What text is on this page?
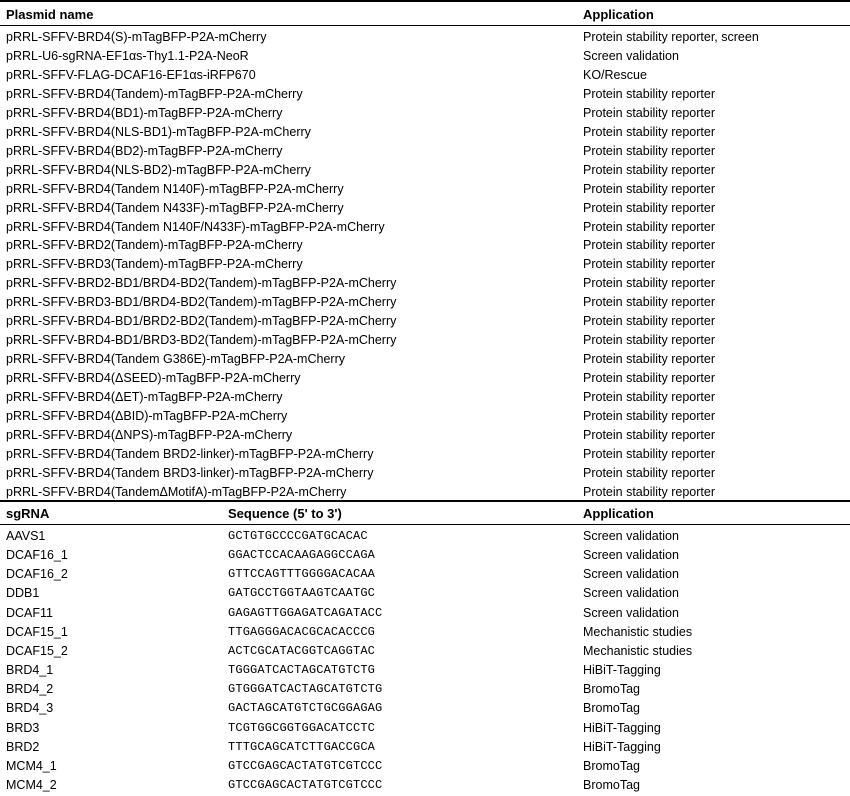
Plasmid name	Application
pRRL-SFFV-BRD4(S)-mTagBFP-P2A-mCherry	Protein stability reporter, screen
pRRL-U6-sgRNA-EF1αs-Thy1.1-P2A-NeoR	Screen validation
pRRL-SFFV-FLAG-DCAF16-EF1αs-iRFP670	KO/Rescue
pRRL-SFFV-BRD4(Tandem)-mTagBFP-P2A-mCherry	Protein stability reporter
pRRL-SFFV-BRD4(BD1)-mTagBFP-P2A-mCherry	Protein stability reporter
pRRL-SFFV-BRD4(NLS-BD1)-mTagBFP-P2A-mCherry	Protein stability reporter
pRRL-SFFV-BRD4(BD2)-mTagBFP-P2A-mCherry	Protein stability reporter
pRRL-SFFV-BRD4(NLS-BD2)-mTagBFP-P2A-mCherry	Protein stability reporter
pRRL-SFFV-BRD4(Tandem N140F)-mTagBFP-P2A-mCherry	Protein stability reporter
pRRL-SFFV-BRD4(Tandem N433F)-mTagBFP-P2A-mCherry	Protein stability reporter
pRRL-SFFV-BRD4(Tandem N140F/N433F)-mTagBFP-P2A-mCherry	Protein stability reporter
pRRL-SFFV-BRD2(Tandem)-mTagBFP-P2A-mCherry	Protein stability reporter
pRRL-SFFV-BRD3(Tandem)-mTagBFP-P2A-mCherry	Protein stability reporter
pRRL-SFFV-BRD2-BD1/BRD4-BD2(Tandem)-mTagBFP-P2A-mCherry	Protein stability reporter
pRRL-SFFV-BRD3-BD1/BRD4-BD2(Tandem)-mTagBFP-P2A-mCherry	Protein stability reporter
pRRL-SFFV-BRD4-BD1/BRD2-BD2(Tandem)-mTagBFP-P2A-mCherry	Protein stability reporter
pRRL-SFFV-BRD4-BD1/BRD3-BD2(Tandem)-mTagBFP-P2A-mCherry	Protein stability reporter
pRRL-SFFV-BRD4(Tandem G386E)-mTagBFP-P2A-mCherry	Protein stability reporter
pRRL-SFFV-BRD4(ΔSEED)-mTagBFP-P2A-mCherry	Protein stability reporter
pRRL-SFFV-BRD4(ΔET)-mTagBFP-P2A-mCherry	Protein stability reporter
pRRL-SFFV-BRD4(ΔBID)-mTagBFP-P2A-mCherry	Protein stability reporter
pRRL-SFFV-BRD4(ΔNPS)-mTagBFP-P2A-mCherry	Protein stability reporter
pRRL-SFFV-BRD4(Tandem BRD2-linker)-mTagBFP-P2A-mCherry	Protein stability reporter
pRRL-SFFV-BRD4(Tandem BRD3-linker)-mTagBFP-P2A-mCherry	Protein stability reporter
pRRL-SFFV-BRD4(TandemΔMotifA)-mTagBFP-P2A-mCherry	Protein stability reporter
sgRNA	Sequence (5' to 3')	Application
AAVS1	GCTGTGCCCCGATGCACAC	Screen validation
DCAF16_1	GGACTCCACAAGAGGCCAGA	Screen validation
DCAF16_2	GTTCCAGTTTGGGGACACAA	Screen validation
DDB1	GATGCCTGGTAAGTCAATGC	Screen validation
DCAF11	GAGAGTTGGAGATCAGATACC	Screen validation
DCAF15_1	TTGAGGGACACGCACACCCG	Mechanistic studies
DCAF15_2	ACTCGCATACGGTCAGGTAC	Mechanistic studies
BRD4_1	TGGGATCACTAGCATGTCTG	HiBiT-Tagging
BRD4_2	GTGGGATCACTAGCATGTCTG	BromoTag
BRD4_3	GACTAGCATGTCTGCGGAGAG	BromoTag
BRD3	TCGTGGCGGTGGACATCCTC	HiBiT-Tagging
BRD2	TTTGCAGCATCTTGACCGCA	HiBiT-Tagging
MCM4_1	GTCCGAGCACTATGTCGTCCC	BromoTag
MCM4_2	GTCCGAGCACTATGTCGTCCC	BromoTag
